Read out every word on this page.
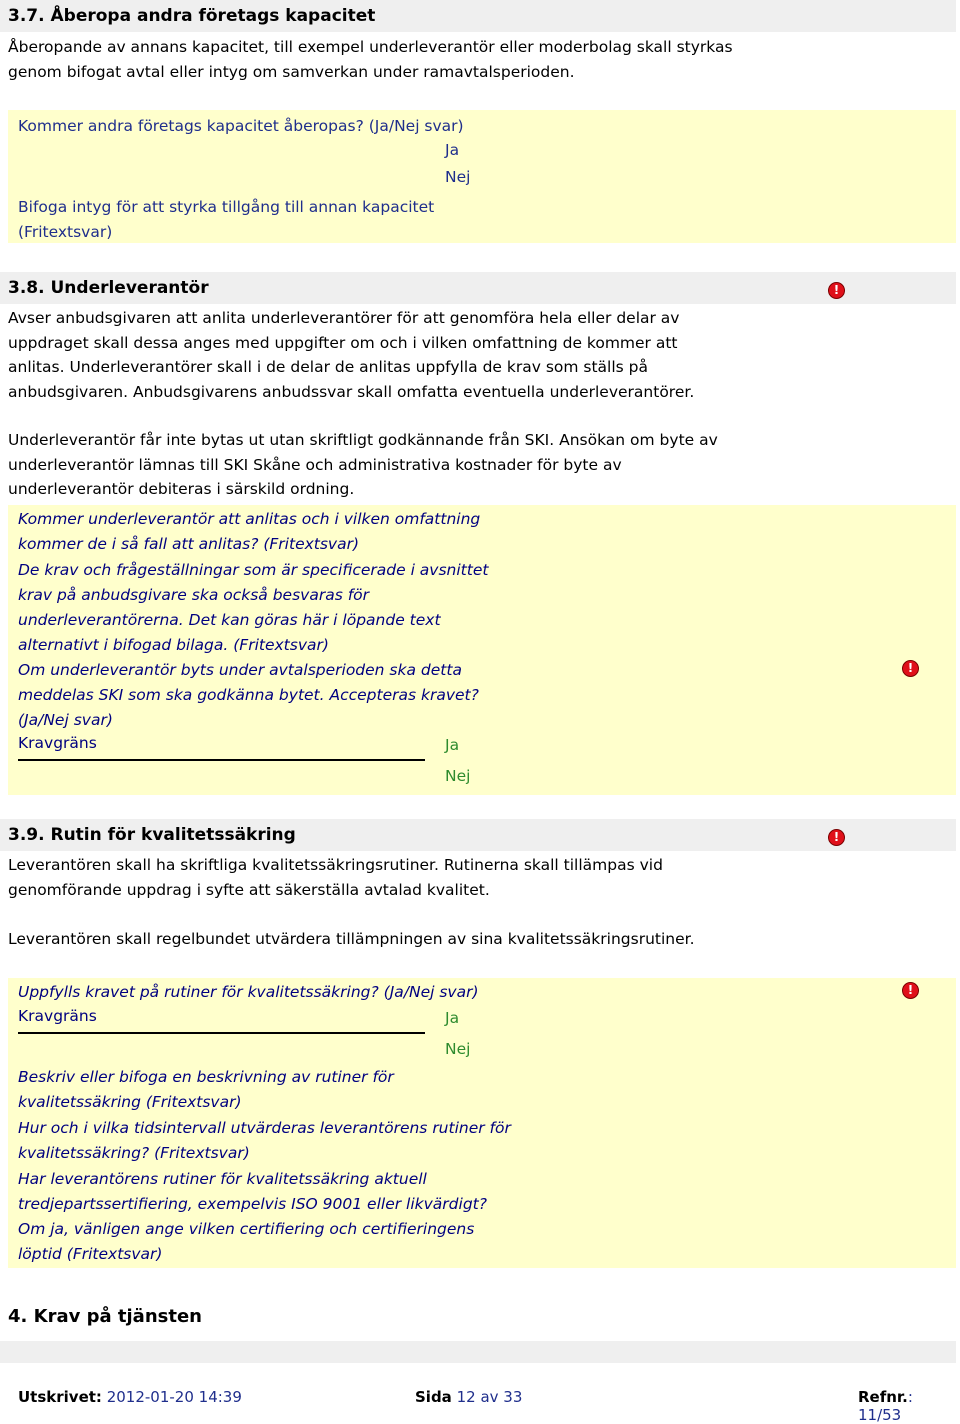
3.7. Åberopa andra företags kapacitet
Åberopande av annans kapacitet, till exempel underleverantör eller moderbolag skall styrkas
genom bifogat avtal eller intyg om samverkan under ramavtalsperioden.
Kommer andra företags kapacitet åberopas? (Ja/Nej svar)
Ja
Nej
Bifoga intyg för att styrka tillgång till annan kapacitet
(Fritextsvar)
3.8. Underleverantör	!
Avser anbudsgivaren att anlita underleverantörer för att genomföra hela eller delar av
uppdraget skall dessa anges med uppgifter om och i vilken omfattning de kommer att
anlitas. Underleverantörer skall i de delar de anlitas uppfylla de krav som ställs på
anbudsgivaren. Anbudsgivarens anbudssvar skall omfatta eventuella underleverantörer.
Underleverantör får inte bytas ut utan skriftligt godkännande från SKI. Ansökan om byte av
underleverantör lämnas till SKI Skåne och administrativa kostnader för byte av
underleverantör debiteras i särskild ordning.
Kommer underleverantör att anlitas och i vilken omfattning
kommer de i så fall att anlitas? (Fritextsvar)
De krav och frågeställningar som är specificerade i avsnittet
krav på anbudsgivare ska också besvaras för
underleverantörerna. Det kan göras här i löpande text
alternativt i bifogad bilaga. (Fritextsvar)
Om underleverantör byts under avtalsperioden ska detta
meddelas SKI som ska godkänna bytet. Accepteras kravet?
(Ja/Nej svar)
Kravgräns	Ja
Nej
!
3.9. Rutin för kvalitetssäkring	!
Leverantören skall ha skriftliga kvalitetssäkringsrutiner. Rutinerna skall tillämpas vid
genomförande uppdrag i syfte att säkerställa avtalad kvalitet.
Leverantören skall regelbundet utvärdera tillämpningen av sina kvalitetssäkringsrutiner.
Uppfylls kravet på rutiner för kvalitetssäkring? (Ja/Nej svar)
Kravgräns	Ja
Nej
Beskriv eller bifoga en beskrivning av rutiner för
kvalitetssäkring (Fritextsvar)
Hur och i vilka tidsintervall utvärderas leverantörens rutiner för
kvalitetssäkring? (Fritextsvar)
Har leverantörens rutiner för kvalitetssäkring aktuell
tredjepartssertifiering, exempelvis ISO 9001 eller likvärdigt?
Om ja, vänligen ange vilken certifiering och certifieringens
löptid (Fritextsvar)
!
4. Krav på tjänsten
Utskrivet: 2012-01-20 14:39	Sida 12 av 33	Refnr.: 11/53
